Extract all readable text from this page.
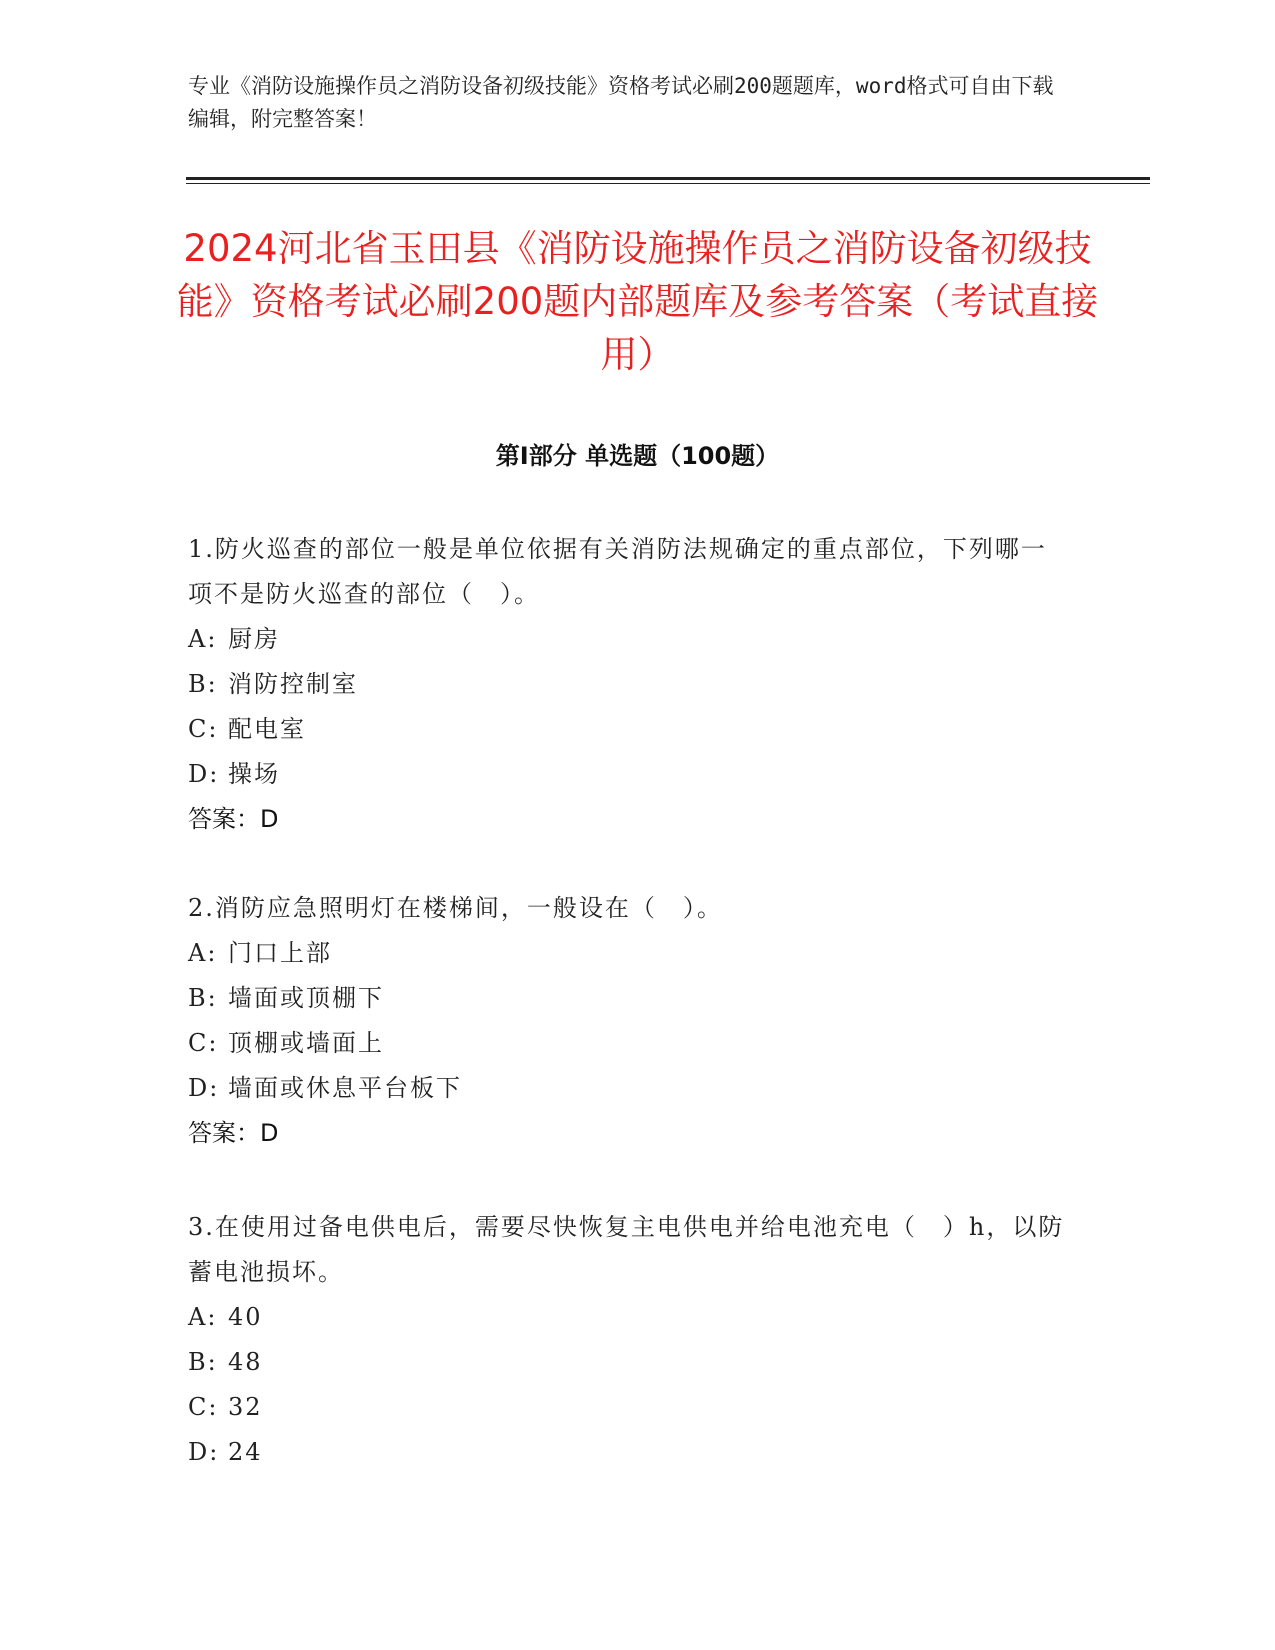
专业《消防设施操作员之消防设备初级技能》资格考试必刷200题题库，word格式可自由下载编辑，附完整答案！
2024河北省玉田县《消防设施操作员之消防设备初级技能》资格考试必刷200题内部题库及参考答案（考试直接用）
第Ⅰ部分 单选题（100题）
1.防火巡查的部位一般是单位依据有关消防法规确定的重点部位，下列哪一项不是防火巡查的部位（　）。
A: 厨房
B: 消防控制室
C: 配电室
D: 操场
答案：D
2.消防应急照明灯在楼梯间，一般设在（　）。
A: 门口上部
B: 墙面或顶棚下
C: 顶棚或墙面上
D: 墙面或休息平台板下
答案：D
3.在使用过备电供电后，需要尽快恢复主电供电并给电池充电（　）h，以防蓄电池损坏。
A: 40
B: 48
C: 32
D: 24
